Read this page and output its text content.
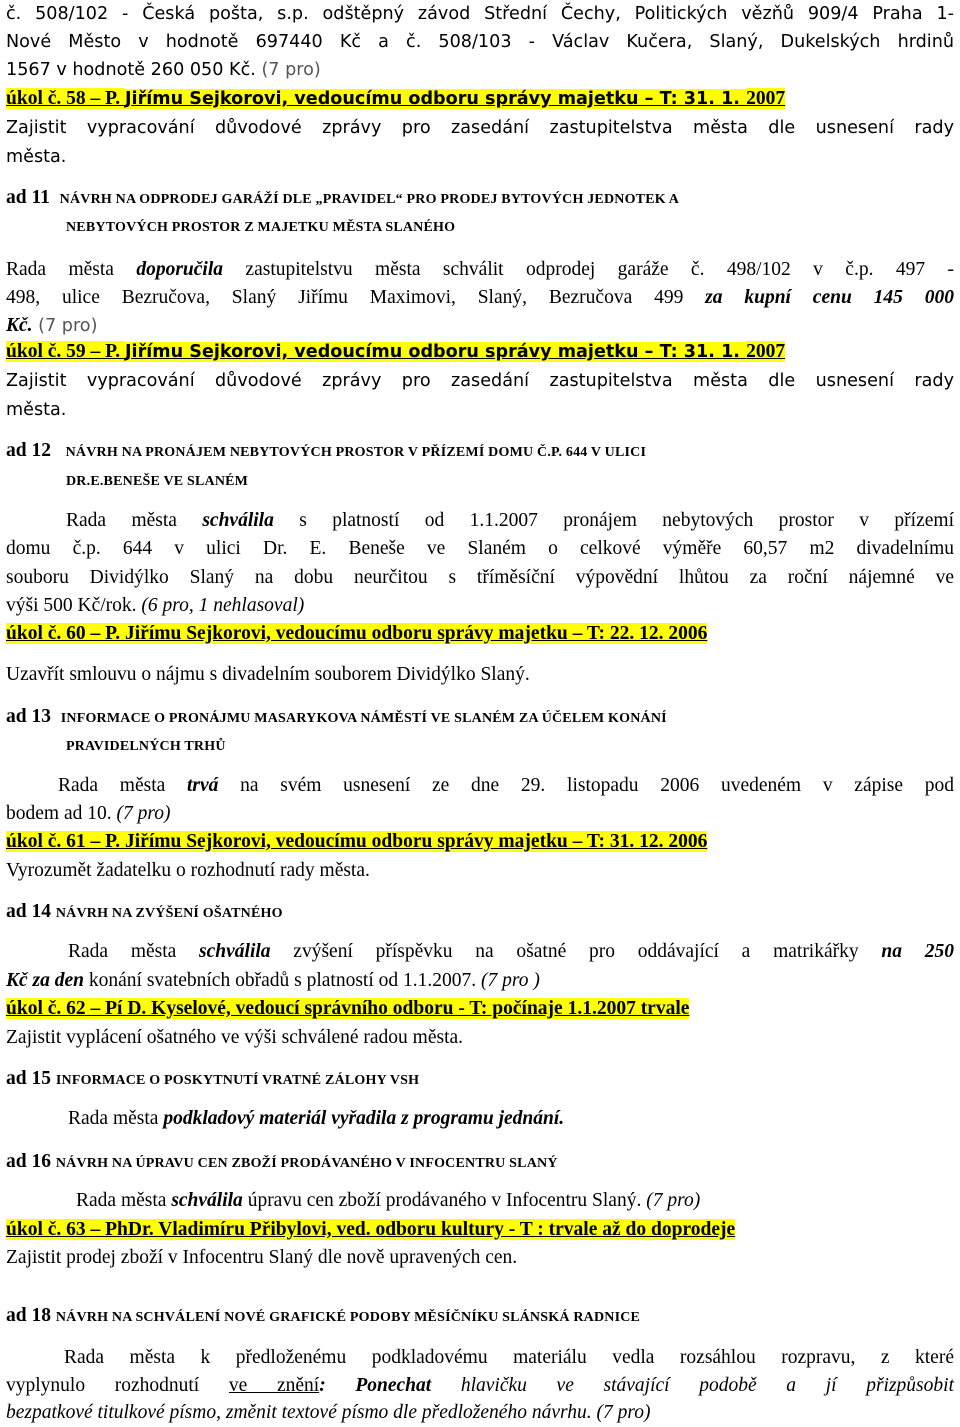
č. 508/102 - Česká pošta, s.p. odštěpný závod Střední Čechy, Politických vězňů 909/4 Praha 1-
Nové Město v hodnotě 697440 Kč a č. 508/103 - Václav Kučera, Slaný, Dukelských hrdinů
1567 v hodnotě 260 050 Kč. (7 pro)
úkol č. 58 – P. Jiřímu Sejkorovi, vedoucímu odboru správy majetku – T: 31. 1. 2007
Zajistit vypracování důvodové zprávy pro zasedání zastupitelstva města dle usnesení rady
města.
ad 11 NÁVRH NA ODPRODEJ GARÁŽÍ DLE „PRAVIDEL“ PRO PRODEJ BYTOVÝCH JEDNOTEK A
NEBYTOVÝCH PROSTOR Z MAJETKU MĚSTA SLANÉHO
Rada města doporučila zastupitelstvu města schválit odprodej garáže č. 498/102 v č.p. 497 -
498, ulice Bezručova, Slaný Jiřímu Maximovi, Slaný, Bezručova 499 za kupní cenu 145 000
Kč. (7 pro)
úkol č. 59 – P. Jiřímu Sejkorovi, vedoucímu odboru správy majetku – T: 31. 1. 2007
Zajistit vypracování důvodové zprávy pro zasedání zastupitelstva města dle usnesení rady
města.
ad 12 NÁVRH NA PRONÁJEM NEBYTOVÝCH PROSTOR V PŘÍZEMÍ DOMU Č.P. 644 V ULICI
DR.E.BENEŠE VE SLANÉM
Rada města schválila s platností od 1.1.2007 pronájem nebytových prostor v přízemí
domu č.p. 644 v ulici Dr. E. Beneše ve Slaném o celkové výměře 60,57 m2 divadelnímu
souboru Dividýlko Slaný na dobu neurčitou s tříměsíční výpovědní lhůtou za roční nájemné ve
výši 500 Kč/rok. (6 pro, 1 nehlasoval)
úkol č. 60 – P. Jiřímu Sejkorovi, vedoucímu odboru správy majetku – T: 22. 12. 2006
Uzavřít smlouvu o nájmu s divadelním souborem Dividýlko Slaný.
ad 13 INFORMACE O PRONÁJMU MASARYKOVA NÁMĚSTÍ VE SLANÉM ZA ÚČELEM KONÁNÍ
PRAVIDELNÝCH TRHŮ
Rada města trvá na svém usnesení ze dne 29. listopadu 2006 uvedeném v zápise pod
bodem ad 10. (7 pro)
úkol č. 61 – P. Jiřímu Sejkorovi, vedoucímu odboru správy majetku – T: 31. 12. 2006
Vyrozumět žadatelku o rozhodnutí rady města.
ad 14 NÁVRH NA ZVÝŠENÍ OŠATNÉHO
Rada města schválila zvýšení příspěvku na ošatné pro oddávající a matrikářky na 250
Kč za den konání svatebních obřadů s platností od 1.1.2007. (7 pro )
úkol č. 62 – Pí D. Kyselové, vedoucí správního odboru - T: počínaje 1.1.2007 trvale
Zajistit vyplácení ošatného ve výši schválené radou města.
ad 15 INFORMACE O POSKYTNUTÍ VRATNÉ ZÁLOHY VSH
Rada města podkladový materiál vyřadila z programu jednání.
ad 16 NÁVRH NA ÚPRAVU CEN ZBOŽÍ PRODÁVANÉHO V INFOCENTRU SLANÝ
Rada města schválila úpravu cen zboží prodávaného v Infocentru Slaný. (7 pro)
úkol č. 63 – PhDr. Vladimíru Přibylovi, ved. odboru kultury - T : trvale až do doprodeje
Zajistit prodej zboží v Infocentru Slaný dle nově upravených cen.
ad 18 NÁVRH NA SCHVÁLENÍ NOVÉ GRAFICKÉ PODOBY MĚSÍČNÍKU SLÁNSKÁ RADNICE
Rada města k předloženému podkladovému materiálu vedla rozsáhlou rozpravu, z které
vyplynulo rozhodnutí ve znění: Ponechat hlavičku ve stávající podobě a jí přizpůsobit
bezpatkové titulkové písmo, změnit textové písmo dle předloženého návrhu. (7 pro)
